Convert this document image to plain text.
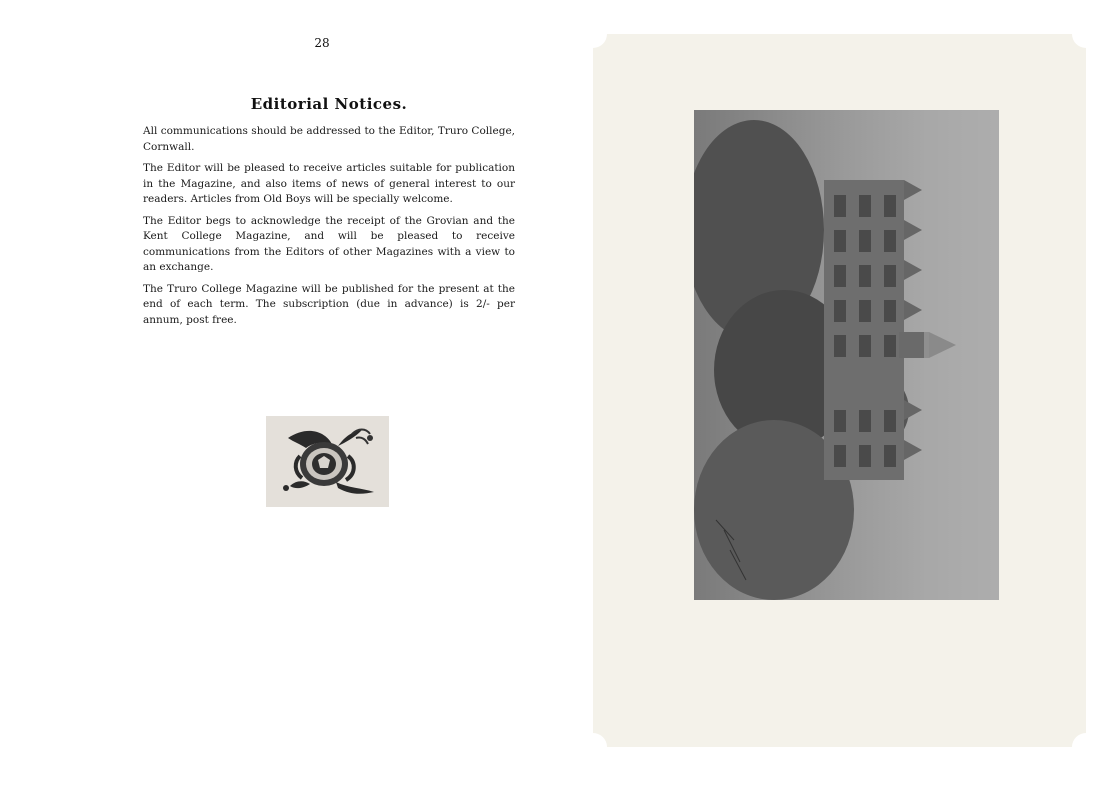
28
Editorial Notices.

All communications should be addressed to the Editor, Truro College, Cornwall.

The Editor will be pleased to receive articles suitable for publication in the Magazine, and also items of news of general interest to our readers. Articles from Old Boys will be specially welcome.

The Editor begs to acknowledge the receipt of the Grovian and the Kent College Magazine, and will be pleased to receive communications from the Editors of other Magazines with a view to an exchange.

The Truro College Magazine will be published for the present at the end of each term. The subscription (due in advance) is 2/- per annum, post free.
